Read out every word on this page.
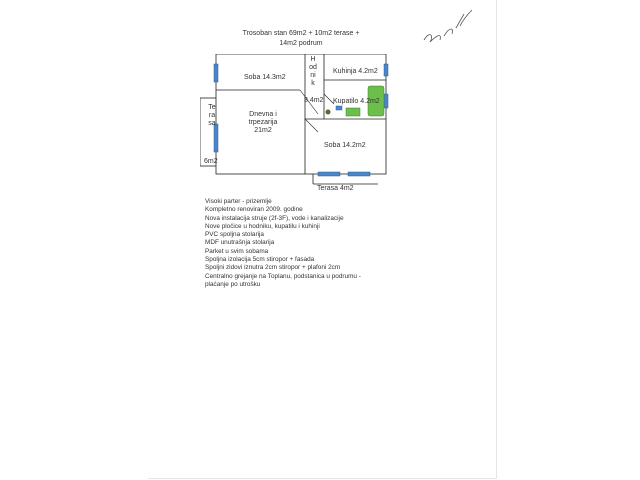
Trosoban stan 69m2 + 10m2 terase + 14m2 podrum
Soba 14.3m2
Hodnik
Kuhinja 4.2m2
3.4m2 Kupatilo 4.2m2
Dnevna i
trpezarija
21m2
Soba 14.2m2
Terasa
6m2
Terasa 4m2
Visoki parter - prizemlje
Kompletno renoviran 2009. godine
Nova instalacija struje (2f-3F), vode i kanalizacije
Nove pločice u hodniku, kupatilu i kuhinji
PVC spoljna stolarija
MDF unutrašnja stolarija
Parket u svim sobama
Spoljna izolacija 5cm stiropor + fasada
Spoljni zidovi iznutra 2cm stiropor + plafoni 2cm
Centralno grejanje na Toplanu, podstanica u podrumu -
plaćanje po utrošku
